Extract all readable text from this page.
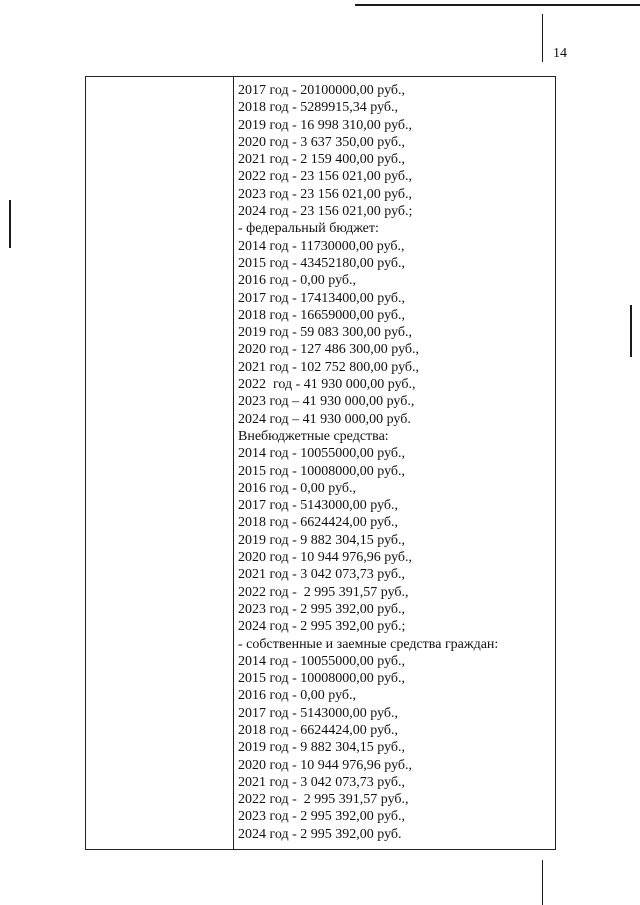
14
2017 год - 20100000,00 руб.,
2018 год - 5289915,34 руб.,
2019 год - 16 998 310,00 руб.,
2020 год - 3 637 350,00 руб.,
2021 год - 2 159 400,00 руб.,
2022 год - 23 156 021,00 руб.,
2023 год - 23 156 021,00 руб.,
2024 год - 23 156 021,00 руб.;
- федеральный бюджет:
2014 год - 11730000,00 руб.,
2015 год - 43452180,00 руб.,
2016 год - 0,00 руб.,
2017 год - 17413400,00 руб.,
2018 год - 16659000,00 руб.,
2019 год - 59 083 300,00 руб.,
2020 год - 127 486 300,00 руб.,
2021 год - 102 752 800,00 руб.,
2022  год - 41 930 000,00 руб.,
2023 год – 41 930 000,00 руб.,
2024 год – 41 930 000,00 руб.
Внебюджетные средства:
2014 год - 10055000,00 руб.,
2015 год - 10008000,00 руб.,
2016 год - 0,00 руб.,
2017 год - 5143000,00 руб.,
2018 год - 6624424,00 руб.,
2019 год - 9 882 304,15 руб.,
2020 год - 10 944 976,96 руб.,
2021 год - 3 042 073,73 руб.,
2022 год -  2 995 391,57 руб.,
2023 год - 2 995 392,00 руб.,
2024 год - 2 995 392,00 руб.;
- собственные и заемные средства граждан:
2014 год - 10055000,00 руб.,
2015 год - 10008000,00 руб.,
2016 год - 0,00 руб.,
2017 год - 5143000,00 руб.,
2018 год - 6624424,00 руб.,
2019 год - 9 882 304,15 руб.,
2020 год - 10 944 976,96 руб.,
2021 год - 3 042 073,73 руб.,
2022 год -  2 995 391,57 руб.,
2023 год - 2 995 392,00 руб.,
2024 год - 2 995 392,00 руб.
